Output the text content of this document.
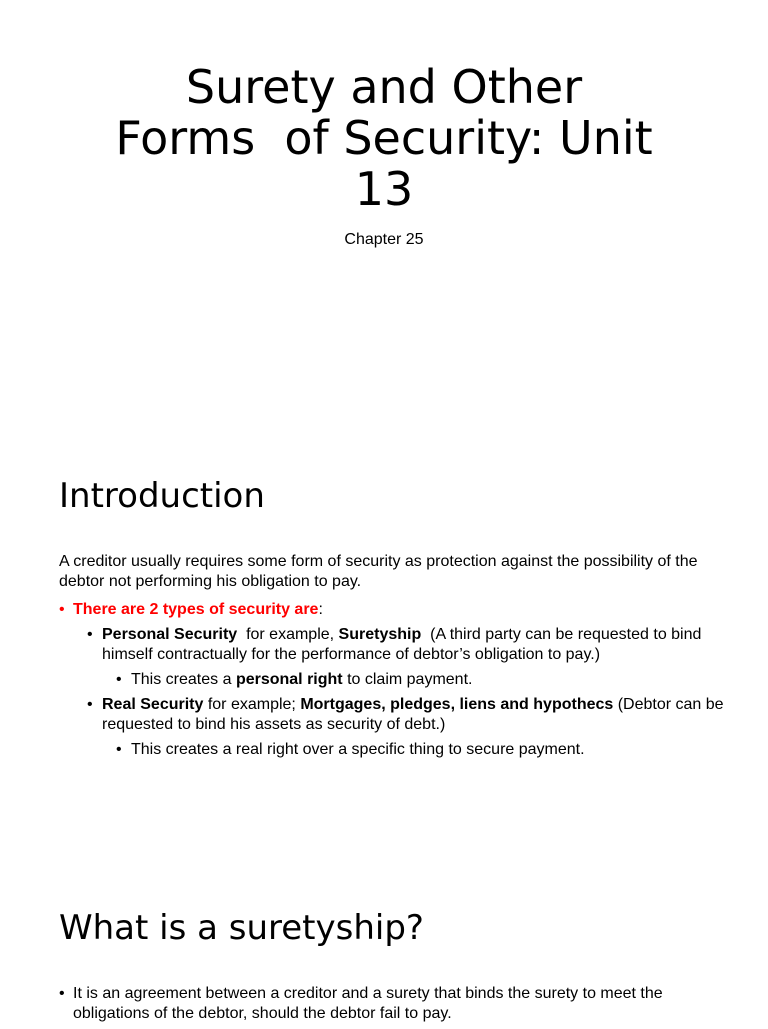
Surety and Other
Forms  of Security: Unit
13
Chapter 25
Introduction
A creditor usually requires some form of security as protection against the possibility of the debtor not performing his obligation to pay.
• There are 2 types of security are:
• Personal Security  for example, Suretyship  (A third party can be requested to bind himself contractually for the performance of debtor’s obligation to pay.)
• This creates a personal right to claim payment.
• Real Security for example; Mortgages, pledges, liens and hypothecs (Debtor can be requested to bind his assets as security of debt.)
• This creates a real right over a specific thing to secure payment.
What is a suretyship?
• It is an agreement between a creditor and a surety that binds the surety to meet the obligations of the debtor, should the debtor fail to pay.
